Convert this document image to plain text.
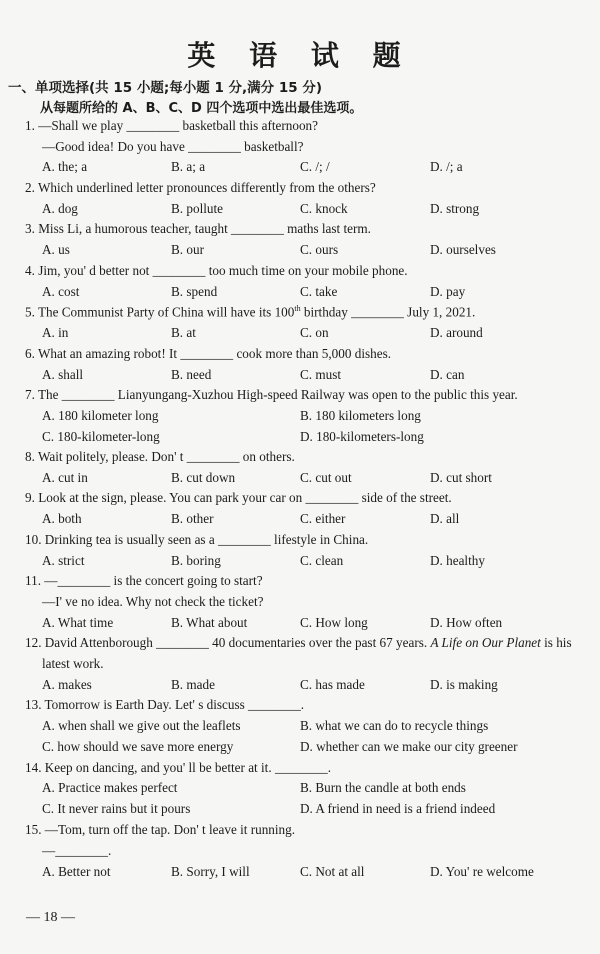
英 语 试 题
一、单项选择(共 15 小题;每小题 1 分,满分 15 分)
从每题所给的 A、B、C、D 四个选项中选出最佳选项。
1. —Shall we play ________ basketball this afternoon?
—Good idea! Do you have ________ basketball?
A. the; a	B. a; a	C. /; /	D. /; a
2. Which underlined letter pronounces differently from the others?
A. dog	B. pollute	C. knock	D. strong
3. Miss Li, a humorous teacher, taught ________ maths last term.
A. us	B. our	C. ours	D. ourselves
4. Jim, you' d better not ________ too much time on your mobile phone.
A. cost	B. spend	C. take	D. pay
5. The Communist Party of China will have its 100th birthday ________ July 1, 2021.
A. in	B. at	C. on	D. around
6. What an amazing robot! It ________ cook more than 5,000 dishes.
A. shall	B. need	C. must	D. can
7. The ________ Lianyungang-Xuzhou High-speed Railway was open to the public this year.
A. 180 kilometer long	B. 180 kilometers long
C. 180-kilometer-long	D. 180-kilometers-long
8. Wait politely, please. Don' t ________ on others.
A. cut in	B. cut down	C. cut out	D. cut short
9. Look at the sign, please. You can park your car on ________ side of the street.
A. both	B. other	C. either	D. all
10. Drinking tea is usually seen as a ________ lifestyle in China.
A. strict	B. boring	C. clean	D. healthy
11. —________ is the concert going to start?
—I' ve no idea. Why not check the ticket?
A. What time	B. What about	C. How long	D. How often
12. David Attenborough ________ 40 documentaries over the past 67 years. A Life on Our Planet is his
latest work.
A. makes	B. made	C. has made	D. is making
13. Tomorrow is Earth Day. Let' s discuss ________.
A. when shall we give out the leaflets	B. what we can do to recycle things
C. how should we save more energy	D. whether can we make our city greener
14. Keep on dancing, and you' ll be better at it. ________.
A. Practice makes perfect	B. Burn the candle at both ends
C. It never rains but it pours	D. A friend in need is a friend indeed
15. —Tom, turn off the tap. Don' t leave it running.
—________.
A. Better not	B. Sorry, I will	C. Not at all	D. You' re welcome
— 18 —
